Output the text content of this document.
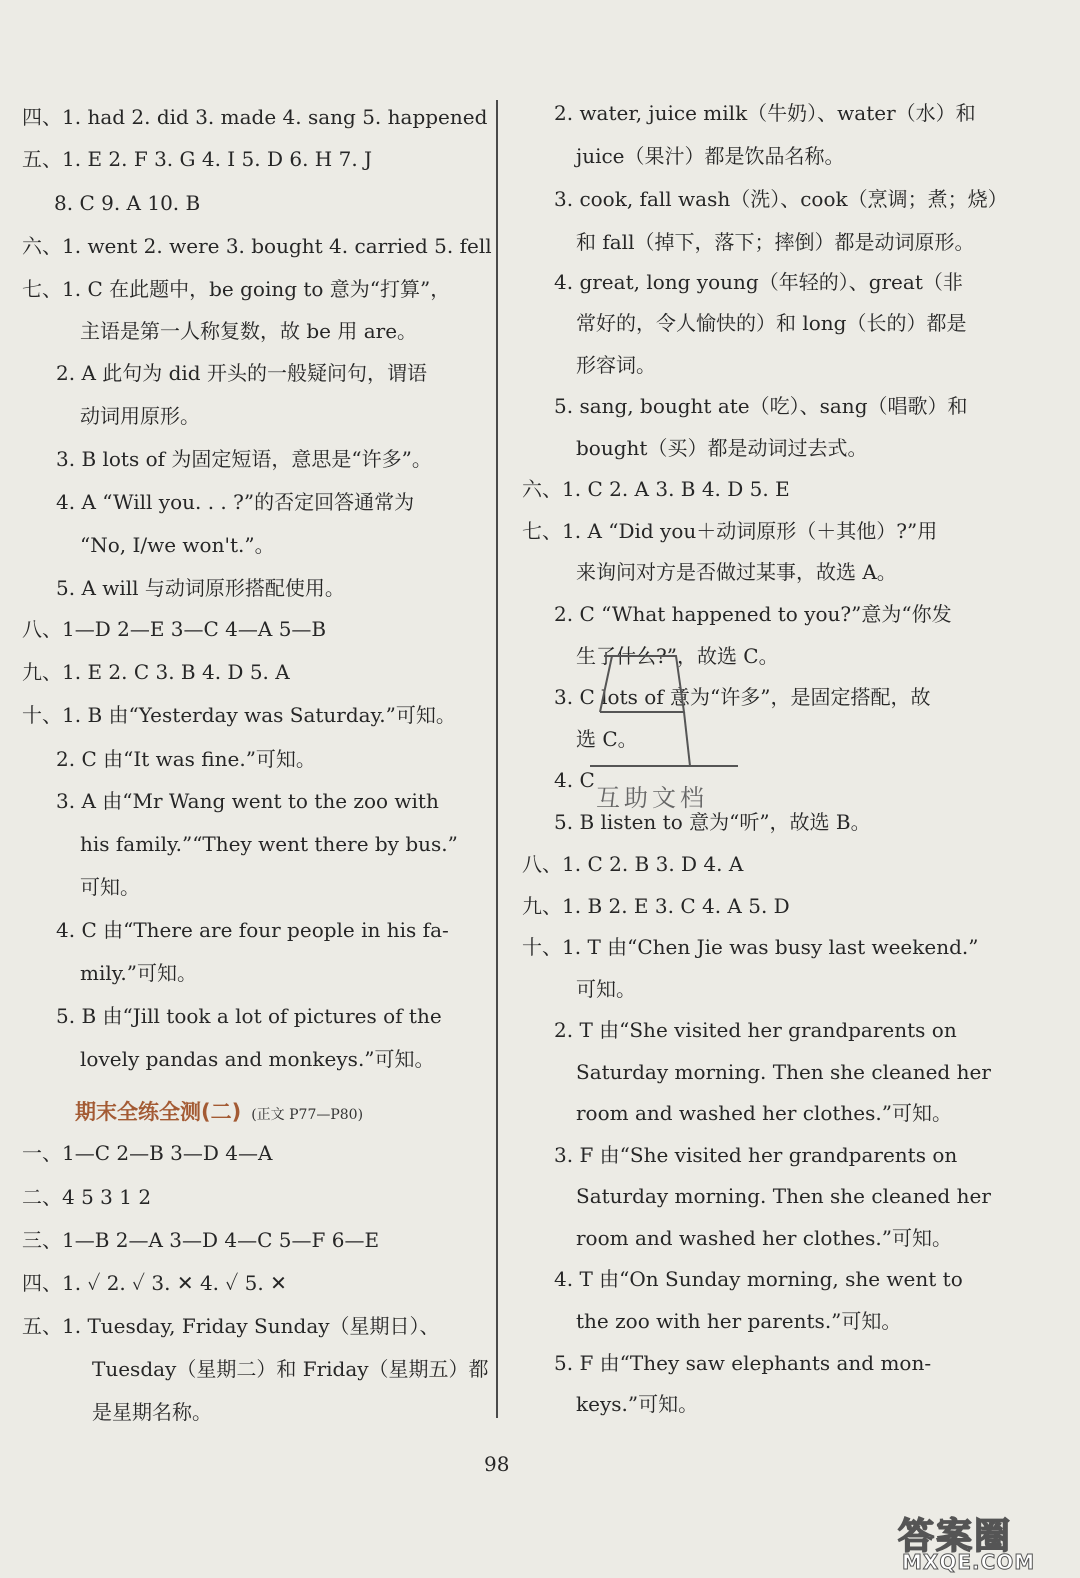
四、1. had 2. did 3. made 4. sang 5. happened
五、1. E 2. F 3. G 4. I 5. D 6. H 7. J
8. C 9. A 10. B
六、1. went 2. were 3. bought 4. carried 5. fell
七、1. C 在此题中，be going to 意为“打算”，
主语是第一人称复数，故 be 用 are。
2. A 此句为 did 开头的一般疑问句，谓语
动词用原形。
3. B lots of 为固定短语，意思是“许多”。
4. A “Will you. . . ?”的否定回答通常为
“No, I/we won't.”。
5. A will 与动词原形搭配使用。
八、1—D 2—E 3—C 4—A 5—B
九、1. E 2. C 3. B 4. D 5. A
十、1. B 由“Yesterday was Saturday.”可知。
2. C 由“It was fine.”可知。
3. A 由“Mr Wang went to the zoo with
his family.”“They went there by bus.”
可知。
4. C 由“There are four people in his fa-
mily.”可知。
5. B 由“Jill took a lot of pictures of the
lovely pandas and monkeys.”可知。
期末全练全测(二) (正文 P77—P80)
一、1—C 2—B 3—D 4—A
二、4 5 3 1 2
三、1—B 2—A 3—D 4—C 5—F 6—E
四、1. ✓ 2. ✓ 3. ✕ 4. ✓ 5. ✕
五、1. Tuesday, Friday Sunday（星期日）、
Tuesday（星期二）和 Friday（星期五）都
是星期名称。
2. water, juice milk（牛奶）、water（水）和
juice（果汁）都是饮品名称。
3. cook, fall wash（洗）、cook（烹调；煮；烧）
和 fall（掉下，落下；摔倒）都是动词原形。
4. great, long young（年轻的）、great（非
常好的，令人愉快的）和 long（长的）都是
形容词。
5. sang, bought ate（吃）、sang（唱歌）和
bought（买）都是动词过去式。
六、1. C 2. A 3. B 4. D 5. E
七、1. A “Did you＋动词原形（＋其他）?”用
来询问对方是否做过某事，故选 A。
2. C “What happened to you?”意为“你发
生了什么?”，故选 C。
3. C lots of 意为“许多”，是固定搭配，故
选 C。
4. C
5. B listen to 意为“听”，故选 B。
八、1. C 2. B 3. D 4. A
九、1. B 2. E 3. C 4. A 5. D
十、1. T 由“Chen Jie was busy last weekend.”
可知。
2. T 由“She visited her grandparents on
Saturday morning. Then she cleaned her
room and washed her clothes.”可知。
3. F 由“She visited her grandparents on
Saturday morning. Then she cleaned her
room and washed her clothes.”可知。
4. T 由“On Sunday morning, she went to
the zoo with her parents.”可知。
5. F 由“They saw elephants and mon-
keys.”可知。
互助文档
98
答案圈
MXQE.COM
